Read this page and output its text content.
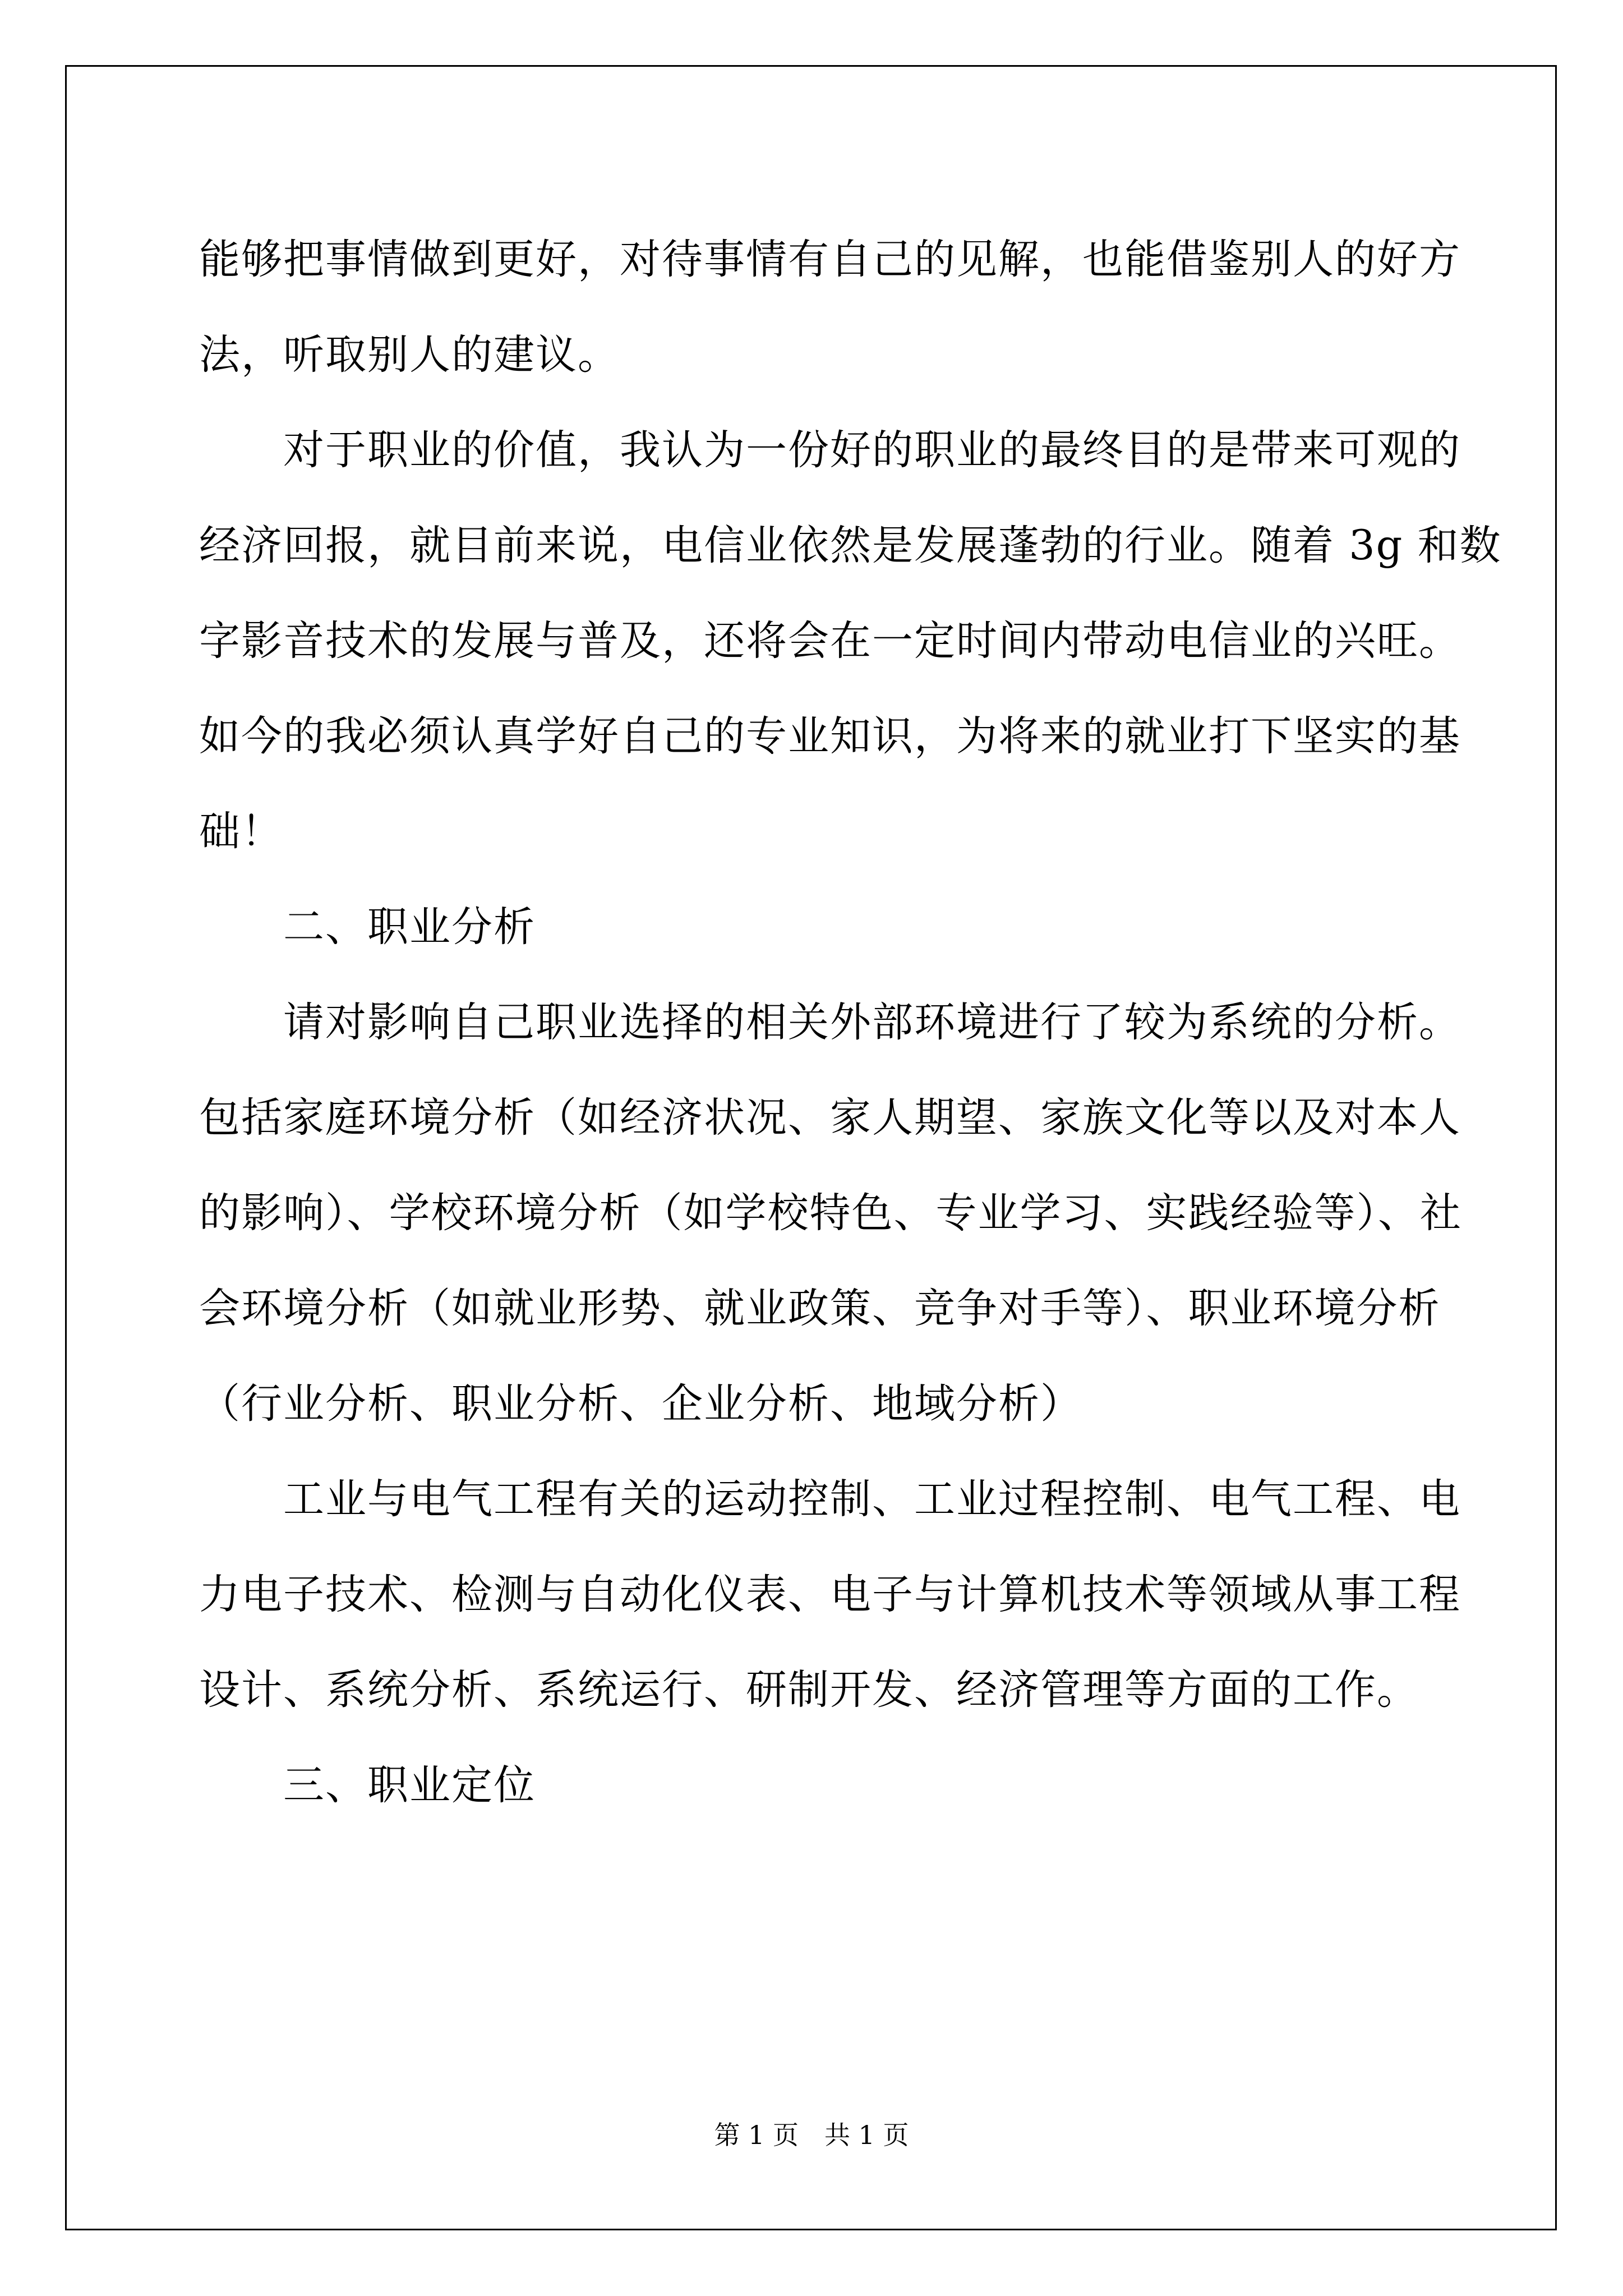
能够把事情做到更好，对待事情有自己的见解，也能借鉴别人的好方
法，听取别人的建议。
对于职业的价值，我认为一份好的职业的最终目的是带来可观的
经济回报，就目前来说，电信业依然是发展蓬勃的行业。随着 3g 和数
字影音技术的发展与普及，还将会在一定时间内带动电信业的兴旺。
如今的我必须认真学好自己的专业知识，为将来的就业打下坚实的基
础！
二、职业分析
请对影响自己职业选择的相关外部环境进行了较为系统的分析。
包括家庭环境分析（如经济状况、家人期望、家族文化等以及对本人
的影响）、学校环境分析（如学校特色、专业学习、实践经验等）、社
会环境分析（如就业形势、就业政策、竞争对手等）、职业环境分析
（行业分析、职业分析、企业分析、地域分析）
工业与电气工程有关的运动控制、工业过程控制、电气工程、电
力电子技术、检测与自动化仪表、电子与计算机技术等领域从事工程
设计、系统分析、系统运行、研制开发、经济管理等方面的工作。
三、职业定位
第 1 页　共 1 页
